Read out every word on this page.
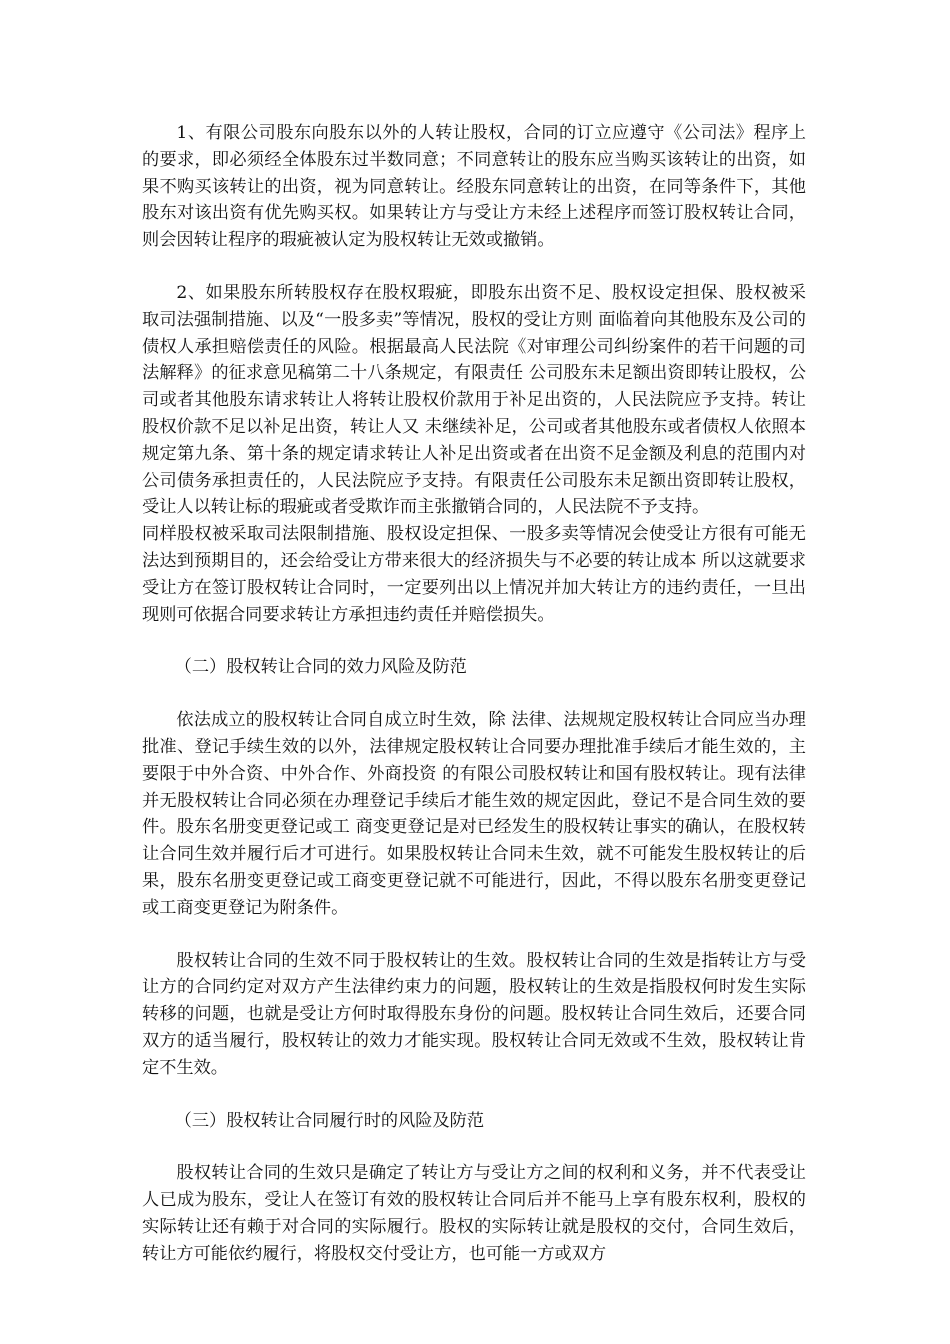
1、有限公司股东向股东以外的人转让股权，合同的订立应遵守《公司法》程序上的要求，即必须经全体股东过半数同意；不同意转让的股东应当购买该转让的出资，如果不购买该转让的出资，视为同意转让。经股东同意转让的出资，在同等条件下，其他股东对该出资有优先购买权。如果转让方与受让方未经上述程序而签订股权转让合同，则会因转让程序的瑕疵被认定为股权转让无效或撤销。

2、如果股东所转股权存在股权瑕疵，即股东出资不足、股权设定担保、股权被采取司法强制措施、以及“一股多卖”等情况，股权的受让方则 面临着向其他股东及公司的债权人承担赔偿责任的风险。根据最高人民法院《对审理公司纠纷案件的若干问题的司法解释》的征求意见稿第二十八条规定，有限责任 公司股东未足额出资即转让股权，公司或者其他股东请求转让人将转让股权价款用于补足出资的，人民法院应予支持。转让股权价款不足以补足出资，转让人又 未继续补足，公司或者其他股东或者债权人依照本规定第九条、第十条的规定请求转让人补足出资或者在出资不足金额及利息的范围内对公司债务承担责任的，人民法院应予支持。有限责任公司股东未足额出资即转让股权，受让人以转让标的瑕疵或者受欺诈而主张撤销合同的，人民法院不予支持。

同样股权被采取司法限制措施、股权设定担保、一股多卖等情况会使受让方很有可能无法达到预期目的，还会给受让方带来很大的经济损失与不必要的转让成本 所以这就要求受让方在签订股权转让合同时，一定要列出以上情况并加大转让方的违约责任，一旦出现则可依据合同要求转让方承担违约责任并赔偿损失。

（二）股权转让合同的效力风险及防范

依法成立的股权转让合同自成立时生效，除 法律、法规规定股权转让合同应当办理批准、登记手续生效的以外，法律规定股权转让合同要办理批准手续后才能生效的，主要限于中外合资、中外合作、外商投资 的有限公司股权转让和国有股权转让。现有法律并无股权转让合同必须在办理登记手续后才能生效的规定因此，登记不是合同生效的要件。股东名册变更登记或工 商变更登记是对已经发生的股权转让事实的确认，在股权转让合同生效并履行后才可进行。如果股权转让合同未生效，就不可能发生股权转让的后果，股东名册变更登记或工商变更登记就不可能进行，因此，不得以股东名册变更登记或工商变更登记为附条件。

股权转让合同的生效不同于股权转让的生效。股权转让合同的生效是指转让方与受让方的合同约定对双方产生法律约束力的问题，股权转让的生效是指股权何时发生实际转移的问题，也就是受让方何时取得股东身份的问题。股权转让合同生效后，还要合同双方的适当履行，股权转让的效力才能实现。股权转让合同无效或不生效，股权转让肯定不生效。

（三）股权转让合同履行时的风险及防范

股权转让合同的生效只是确定了转让方与受让方之间的权利和义务，并不代表受让人已成为股东，受让人在签订有效的股权转让合同后并不能马上享有股东权利，股权的实际转让还有赖于对合同的实际履行。股权的实际转让就是股权的交付，合同生效后，转让方可能依约履行，将股权交付受让方，也可能一方或双方
